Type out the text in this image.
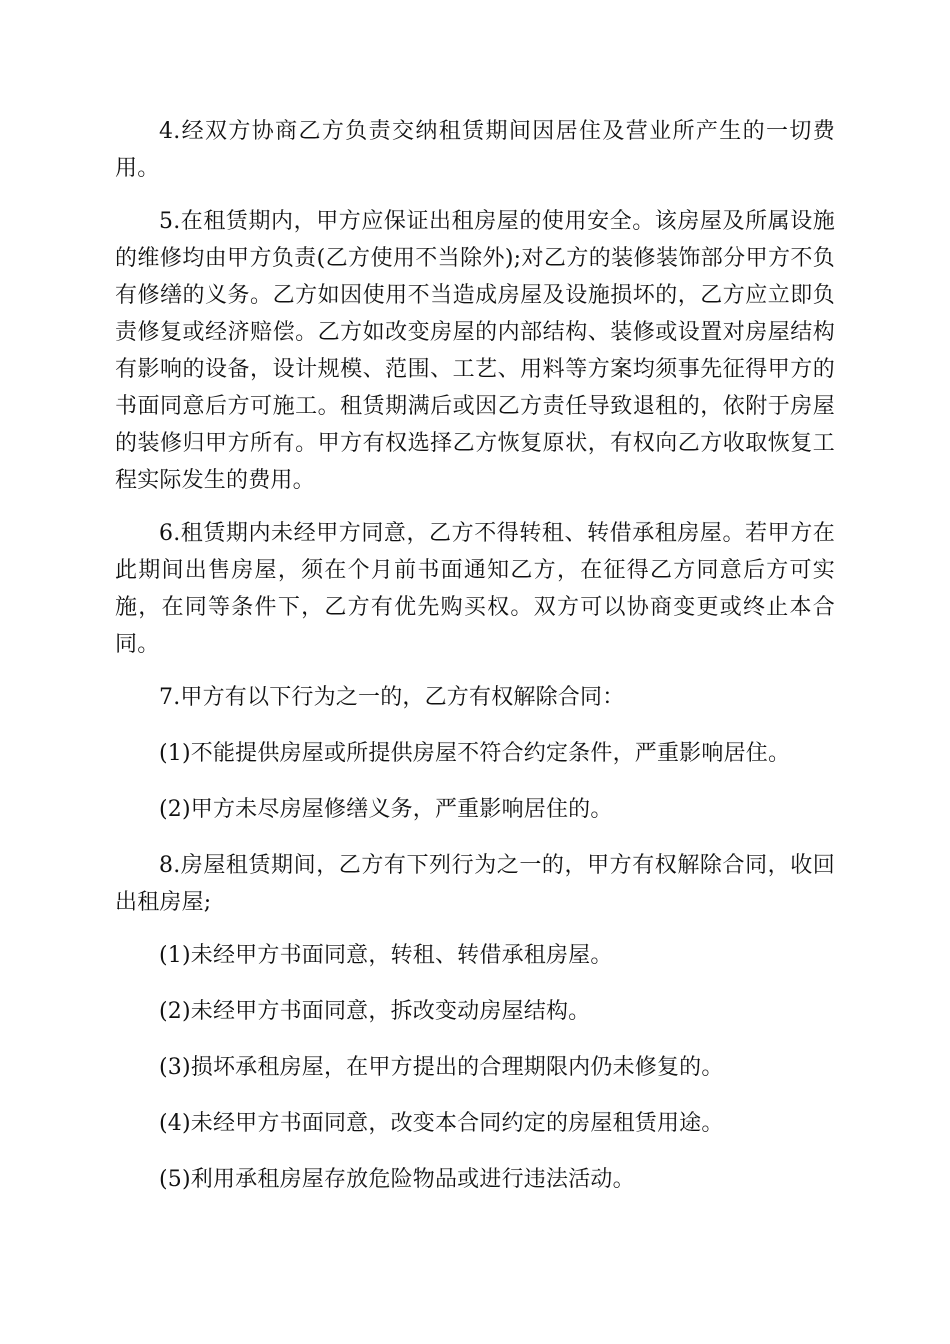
4.经双方协商乙方负责交纳租赁期间因居住及营业所产生的一切费用。

5.在租赁期内，甲方应保证出租房屋的使用安全。该房屋及所属设施的维修均由甲方负责(乙方使用不当除外);对乙方的装修装饰部分甲方不负有修缮的义务。乙方如因使用不当造成房屋及设施损坏的，乙方应立即负责修复或经济赔偿。乙方如改变房屋的内部结构、装修或设置对房屋结构有影响的设备，设计规模、范围、工艺、用料等方案均须事先征得甲方的书面同意后方可施工。租赁期满后或因乙方责任导致退租的，依附于房屋的装修归甲方所有。甲方有权选择乙方恢复原状，有权向乙方收取恢复工程实际发生的费用。

6.租赁期内未经甲方同意，乙方不得转租、转借承租房屋。若甲方在此期间出售房屋，须在个月前书面通知乙方，在征得乙方同意后方可实施，在同等条件下，乙方有优先购买权。双方可以协商变更或终止本合同。

7.甲方有以下行为之一的，乙方有权解除合同：

(1)不能提供房屋或所提供房屋不符合约定条件，严重影响居住。

(2)甲方未尽房屋修缮义务，严重影响居住的。

8.房屋租赁期间，乙方有下列行为之一的，甲方有权解除合同，收回出租房屋;

(1)未经甲方书面同意，转租、转借承租房屋。

(2)未经甲方书面同意，拆改变动房屋结构。

(3)损坏承租房屋，在甲方提出的合理期限内仍未修复的。

(4)未经甲方书面同意，改变本合同约定的房屋租赁用途。

(5)利用承租房屋存放危险物品或进行违法活动。
